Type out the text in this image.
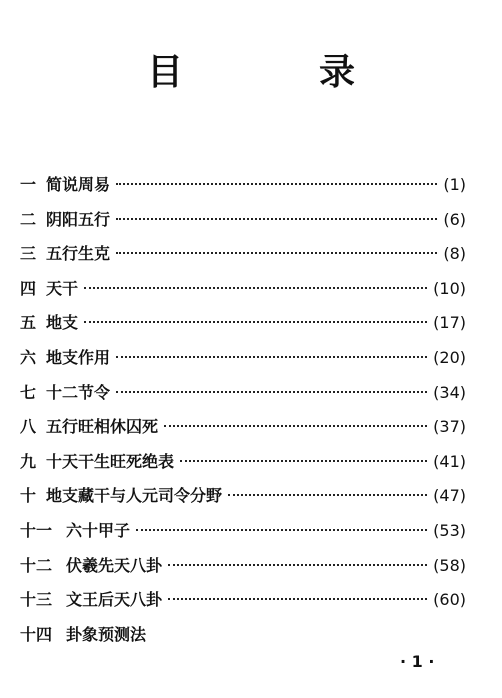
目　录
一 简说周易	(1)
二 阴阳五行	(6)
三 五行生克	(8)
四 天干	(10)
五 地支	(17)
六 地支作用	(20)
七 十二节令	(34)
八 五行旺相休囚死	(37)
九 十天干生旺死绝表	(41)
十 地支藏干与人元司令分野	(47)
十一 六十甲子	(53)
十二 伏羲先天八卦	(58)
十三 文王后天八卦	(60)
十四 卦象预测法
· 1 ·
